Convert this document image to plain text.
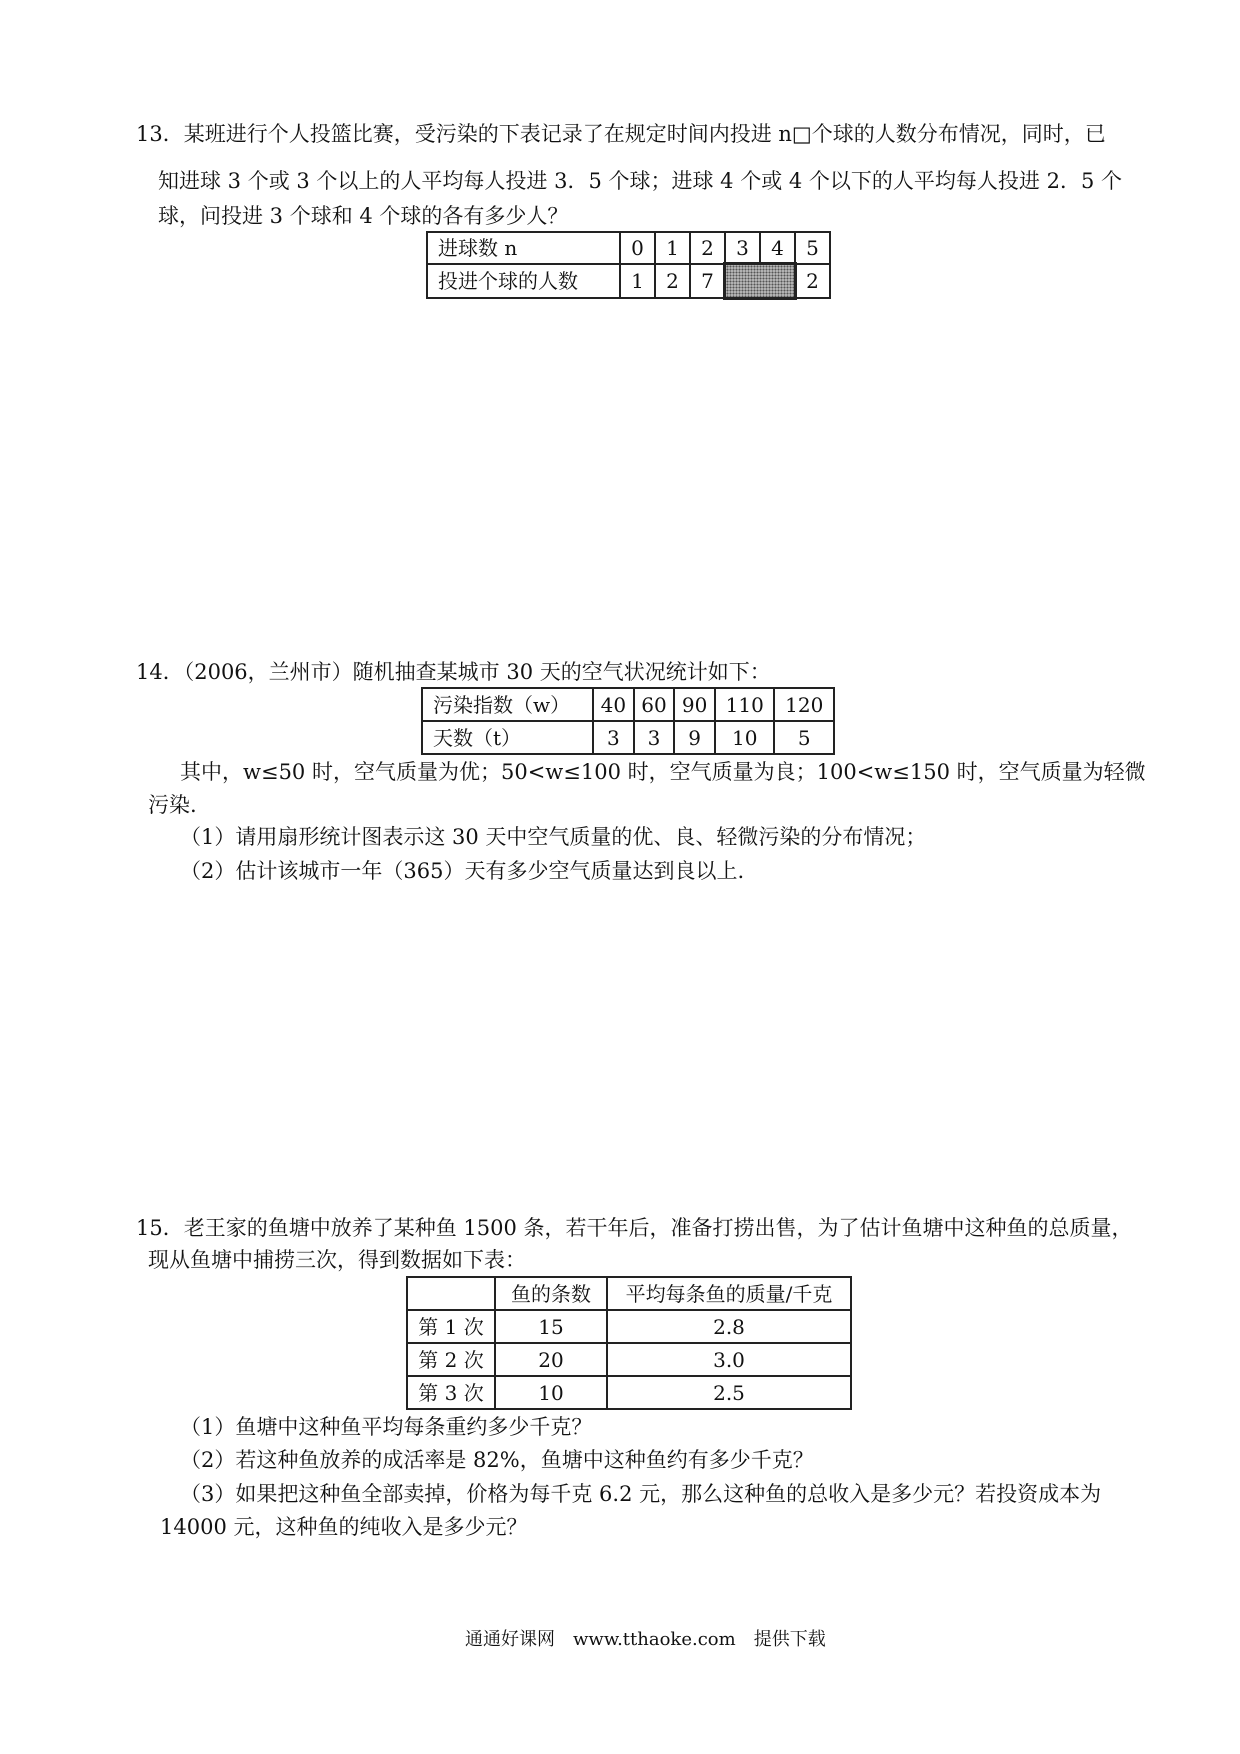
13．某班进行个人投篮比赛，受污染的下表记录了在规定时间内投进 n□个球的人数分布情况，同时，已
知进球 3 个或 3 个以上的人平均每人投进 3．5 个球；进球 4 个或 4 个以下的人平均每人投进 2．5 个
球，问投进 3 个球和 4 个球的各有多少人？
进球数 n	0	1	2	3	4	5
投进个球的人数	1	2	7			2
14．（2006，兰州市）随机抽查某城市 30 天的空气状况统计如下：
污染指数（w）	40	60	90	110	120
天数（t）	3	3	9	10	5
其中，w≤50 时，空气质量为优；50<w≤100 时，空气质量为良；100<w≤150 时，空气质量为轻微
污染.
（1）请用扇形统计图表示这 30 天中空气质量的优、良、轻微污染的分布情况；
（2）估计该城市一年（365）天有多少空气质量达到良以上.
15．老王家的鱼塘中放养了某种鱼 1500 条，若干年后，准备打捞出售，为了估计鱼塘中这种鱼的总质量，
现从鱼塘中捕捞三次，得到数据如下表：
	鱼的条数	平均每条鱼的质量/千克
第 1 次	15	2.8
第 2 次	20	3.0
第 3 次	10	2.5
（1）鱼塘中这种鱼平均每条重约多少千克？
（2）若这种鱼放养的成活率是 82%，鱼塘中这种鱼约有多少千克？
（3）如果把这种鱼全部卖掉，价格为每千克 6.2 元，那么这种鱼的总收入是多少元？若投资成本为
14000 元，这种鱼的纯收入是多少元？
通通好课网　www.tthaoke.com　提供下载
